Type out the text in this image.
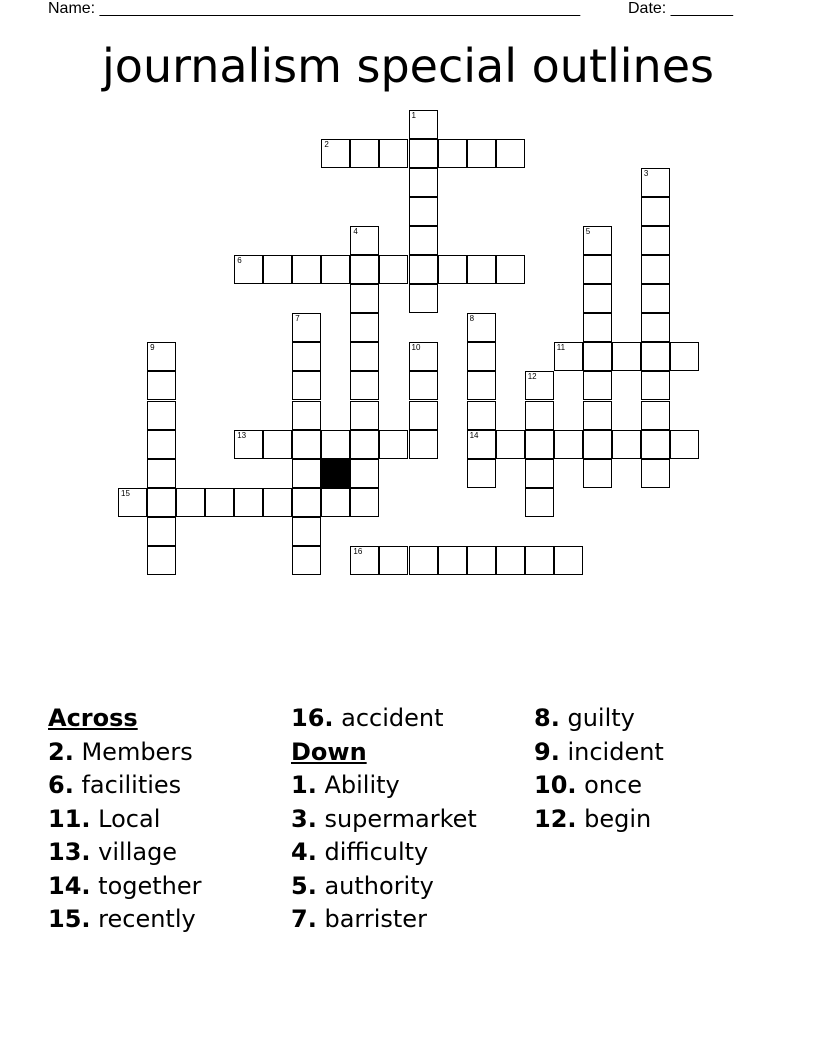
Name: ______________________________________________________	Date: _______
journalism special outlines
1
2
3
4	5
6
7	8
9	10	11
12
13	14
15
16
Across
2. Members
6. facilities
11. Local
13. village
14. together
15. recently
16. accident
Down
1. Ability
3. supermarket
4. difficulty
5. authority
7. barrister
8. guilty
9. incident
10. once
12. begin
